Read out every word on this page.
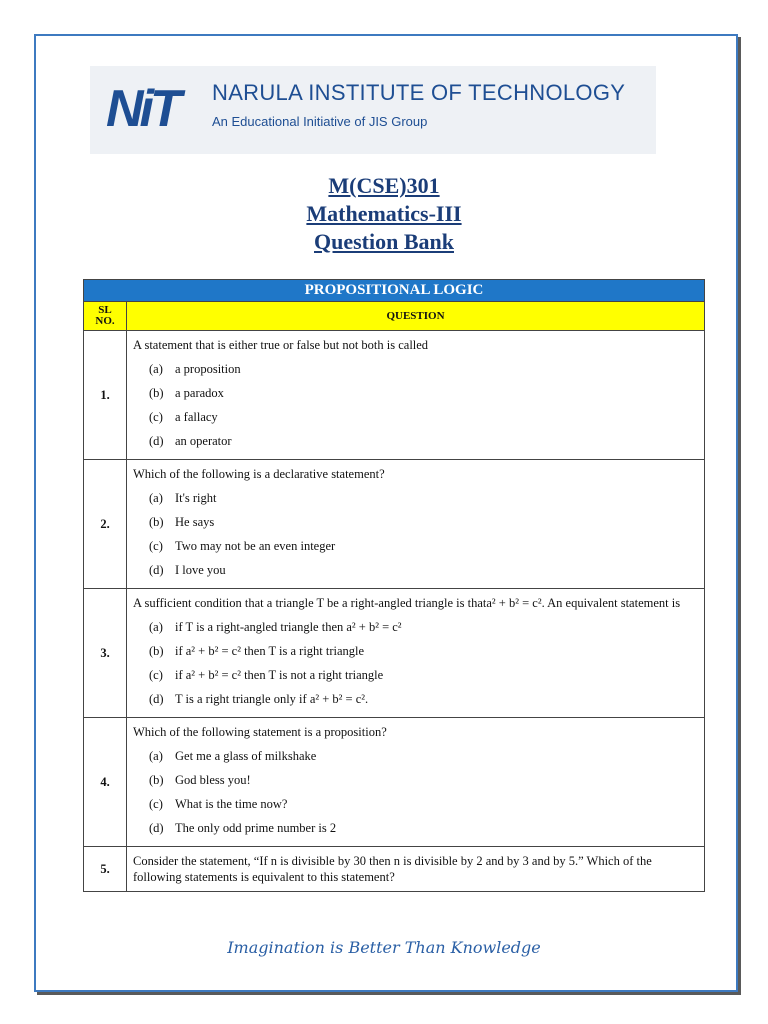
NiT	NARULA INSTITUTE OF TECHNOLOGY
An Educational Initiative of JIS Group
M(CSE)301
Mathematics-III
Question Bank
PROPOSITIONAL LOGIC	

SL
NO.	QUESTION
1.	A statement that is either true or false but not both is called
(a) a proposition
(b) a paradox
(c) a fallacy
(d) an operator

2.	Which of the following is a declarative statement?
(a) It's right
(b) He says
(c) Two may not be an even integer
(d) I love you

3.	A sufficient condition that a triangle T be a right-angled triangle is thata² + b² = c². An equivalent statement is
(a) if T is a right-angled triangle then a² + b² = c²
(b) if a² + b² = c² then T is a right triangle
(c) if a² + b² = c² then T is not a right triangle
(d) T is a right triangle only if a² + b² = c².

4.	Which of the following statement is a proposition?
(a) Get me a glass of milkshake
(b) God bless you!
(c) What is the time now?
(d) The only odd prime number is 2

5.	Consider the statement, “If n is divisible by 30 then n is divisible by 2 and by 3 and by 5.” Which of the following statements is equivalent to this statement?
Imagination is Better Than Knowledge
